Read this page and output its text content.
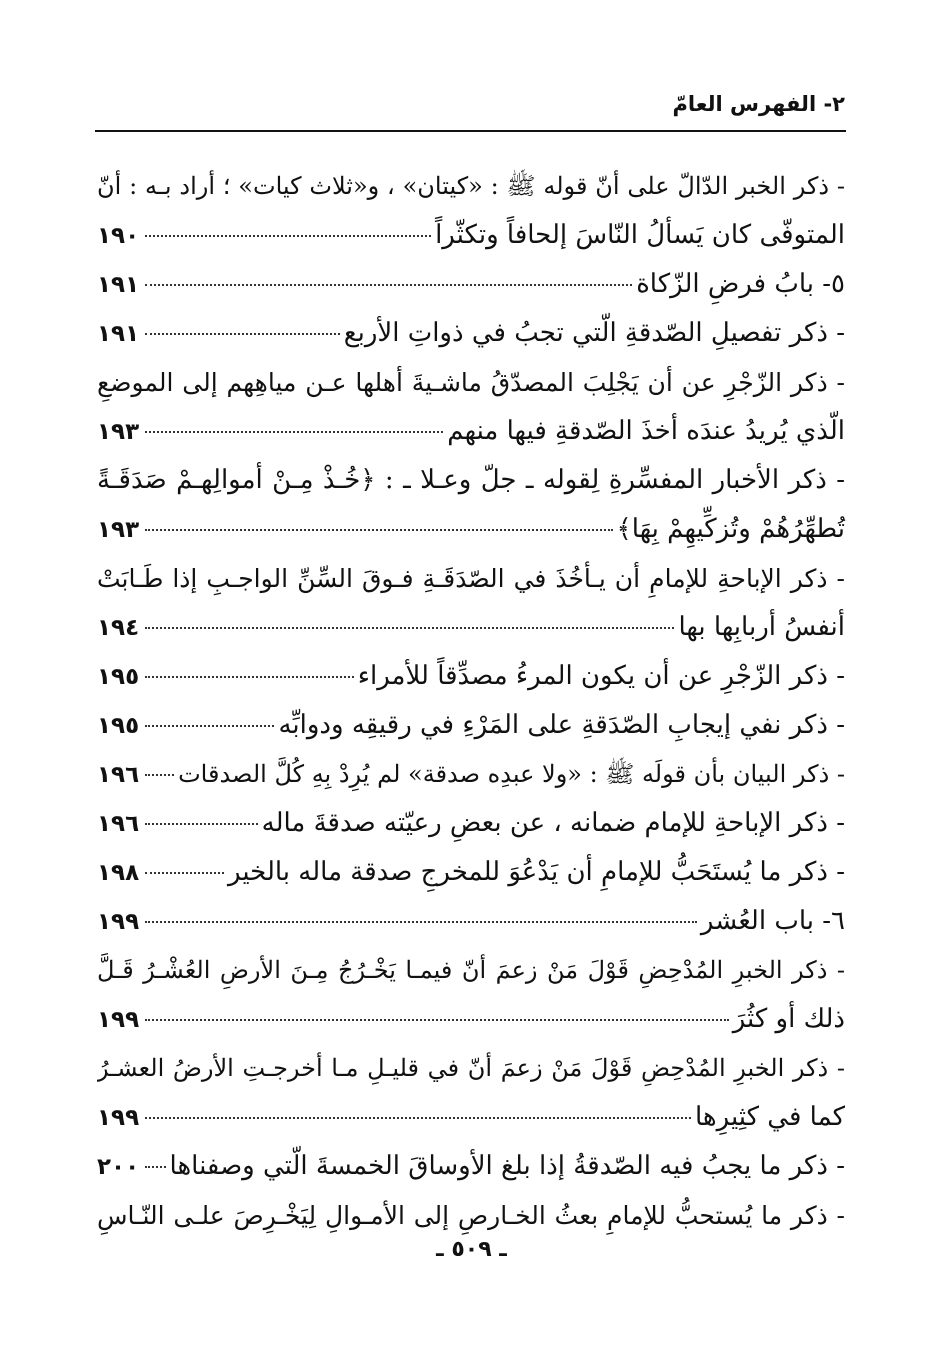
٢- الفهرس العامّ
- ذكر الخبر الدّالّ على أنّ قوله ﷺ : «كيتان» ، و«ثلاث كيات» ؛ أراد بـه : أنّ
المتوفّى كان يَسألُ النّاسَ إلحافاً وتكثّراً
١٩٠
٥- بابُ فرضِ الزّكاة
١٩١
- ذكر تفصيلِ الصّدقةِ الّتي تجبُ في ذواتِ الأربع
١٩١
- ذكر الزّجْرِ عن أن يَجْلِبَ المصدّقُ ماشـيةَ أهلها عـن مياهِهم إلى الموضعِ
الّذي يُريدُ عندَه أخذَ الصّدقةِ فيها منهم
١٩٣
- ذكر الأخبار المفسِّرةِ لِقوله ـ جلّ وعـلا ـ : ﴿خُـذْ مِـنْ أموالِهـمْ صَدَقَـةً
تُطهِّرُهُمْ وتُزكِّيهِمْ بِهَا﴾
١٩٣
- ذكر الإباحةِ للإمامِ أن يـأخُذَ في الصّدَقَـةِ فـوقَ السِّنِّ الواجـبِ إذا طَـابَتْ
أنفسُ أربابِها بها
١٩٤
- ذكر الزّجْرِ عن أن يكون المرءُ مصدِّقاً للأمراء
١٩٥
- ذكر نفي إيجابِ الصّدَقةِ على المَرْءِ في رقيقِه ودوابِّه
١٩٥
- ذكر البيان بأن قولَه ﷺ : «ولا عبدِه صدقة» لم يُرِدْ بِهِ كُلَّ الصدقات
١٩٦
- ذكر الإباحةِ للإمام ضمانه ، عن بعضِ رعيّته صدقةَ ماله
١٩٦
- ذكر ما يُستَحَبُّ للإمامِ أن يَدْعُوَ للمخرجِ صدقة ماله بالخير
١٩٨
٦- باب العُشر
١٩٩
- ذكر الخبرِ المُدْحِضِ قَوْلَ مَنْ زعمَ أنّ فيمـا يَخْـرُجُ مِـنَ الأرضِ العُشْـرُ قَـلَّ
ذلك أو كثُرَ
١٩٩
- ذكر الخبرِ المُدْحِضِ قَوْلَ مَنْ زعمَ أنّ في قليـلِ مـا أخرجـتِ الأرضُ العشـرُ
كما في كثِيرِها
١٩٩
- ذكر ما يجبُ فيه الصّدقةُ إذا بلغ الأوساقَ الخمسةَ الّتي وصفناها
٢٠٠
- ذكر ما يُستحبُّ للإمامِ بعثُ الخـارصِ إلى الأمـوالِ لِيَخْـرِصَ علـى النّـاسِ
ـ ٥٠٩ ـ
